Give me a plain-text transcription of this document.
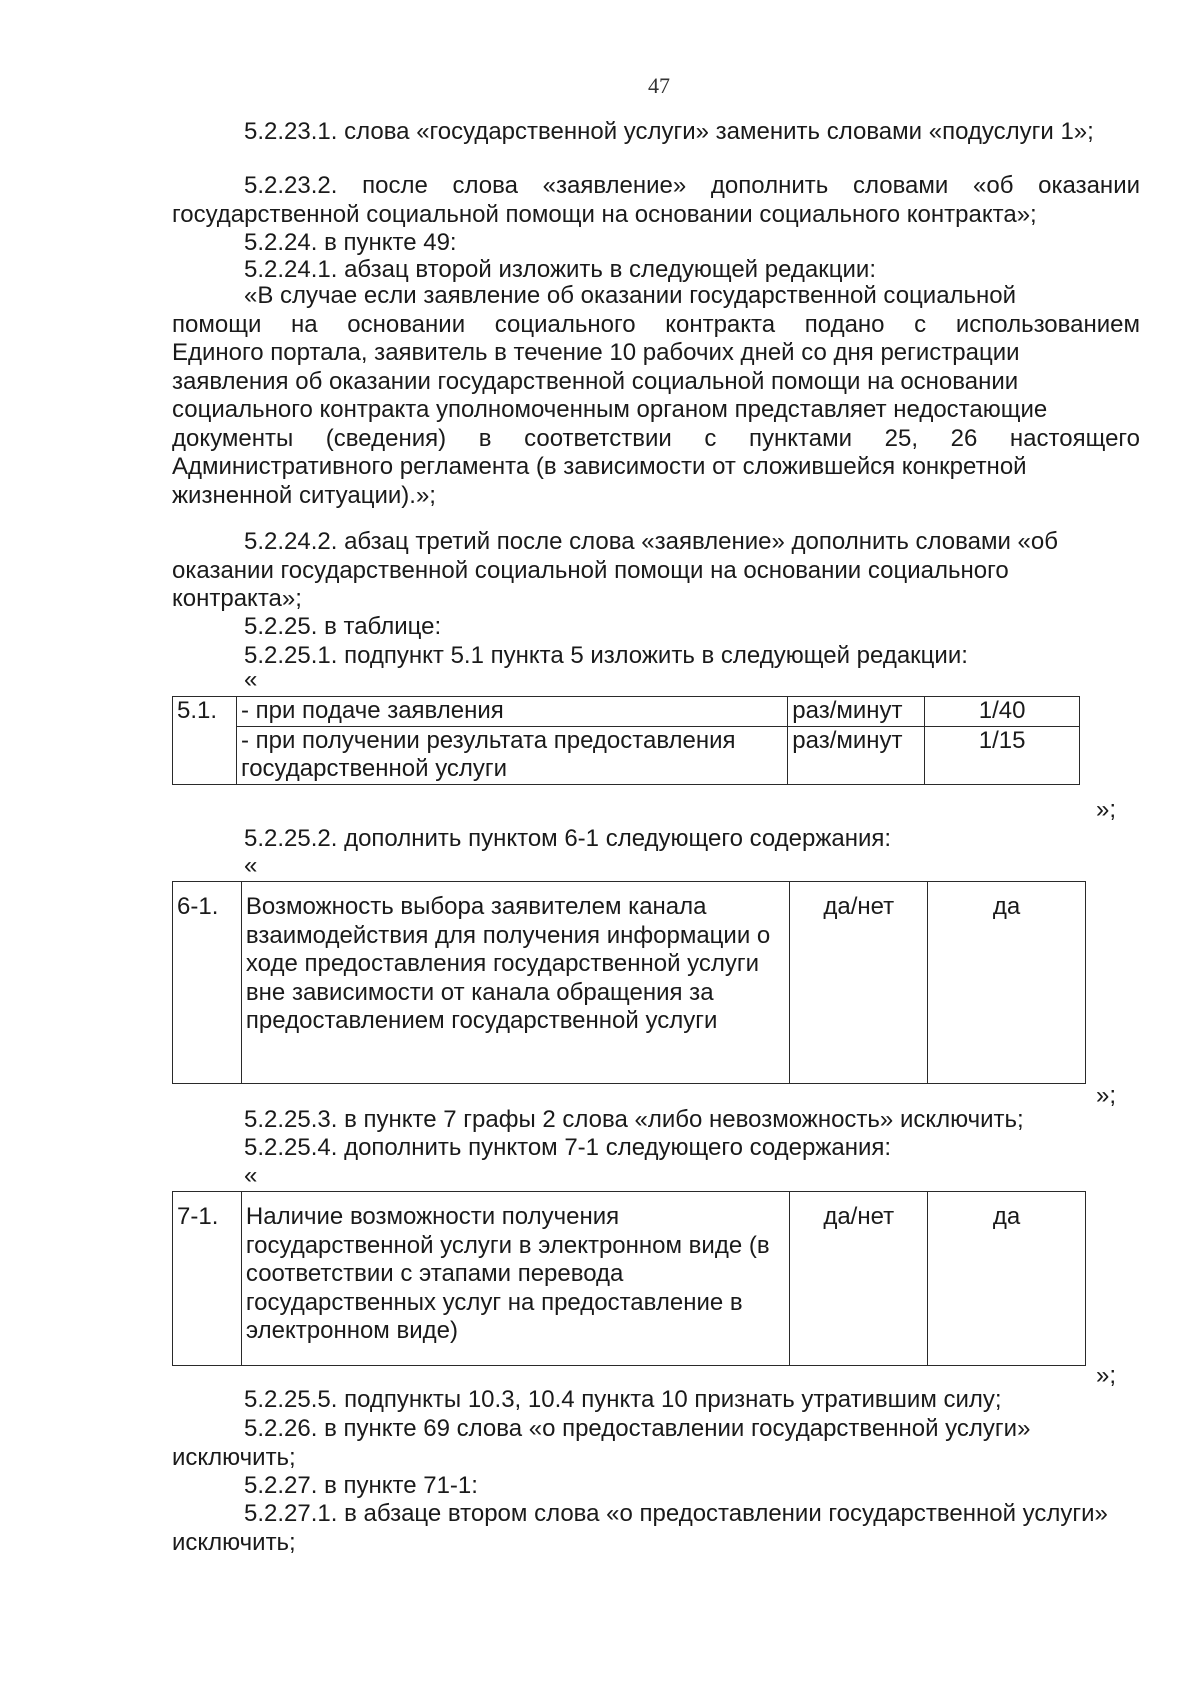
47

5.2.23.1. слова «государственной услуги» заменить словами «подуслуги 1»;

5.2.23.2. после слова «заявление» дополнить словами «об оказании государственной социальной помощи на основании социального контракта»;

5.2.24. в пункте 49:

5.2.24.1. абзац второй изложить в следующей редакции:

«В случае если заявление об оказании государственной социальной
помощи на основании социального контракта подано с использованием
Единого портала, заявитель в течение 10 рабочих дней со дня регистрации
заявления об оказании государственной социальной помощи на основании
социального контракта уполномоченным органом представляет недостающие
документы (сведения) в соответствии с пунктами 25, 26 настоящего
Административного регламента (в зависимости от сложившейся конкретной
жизненной ситуации).»;

5.2.24.2. абзац третий после слова «заявление» дополнить словами «об оказании государственной социальной помощи на основании социального контракта»;

5.2.25. в таблице:

5.2.25.1. подпункт 5.1 пункта 5 изложить в следующей редакции:

«
5.1.	- при подаче заявления	раз/минут	1/40
	- при получении результата предоставления государственной услуги	раз/минут	1/15
»;

5.2.25.2. дополнить пунктом 6-1 следующего содержания:

«
6-1.	Возможность выбора заявителем канала взаимодействия для получения информации о ходе предоставления государственной услуги вне зависимости от канала обращения за предоставлением государственной услуги	да/нет	да
»;

5.2.25.3. в пункте 7 графы 2 слова «либо невозможность» исключить;

5.2.25.4. дополнить пунктом 7-1 следующего содержания:

«
7-1.	Наличие возможности получения государственной услуги в электронном виде (в соответствии с этапами перевода государственных услуг на предоставление в электронном виде)	да/нет	да
»;

5.2.25.5. подпункты 10.3, 10.4 пункта 10 признать утратившим силу;

5.2.26. в пункте 69 слова «о предоставлении государственной услуги» исключить;

5.2.27. в пункте 71-1:

5.2.27.1. в абзаце втором слова «о предоставлении государственной услуги» исключить;
